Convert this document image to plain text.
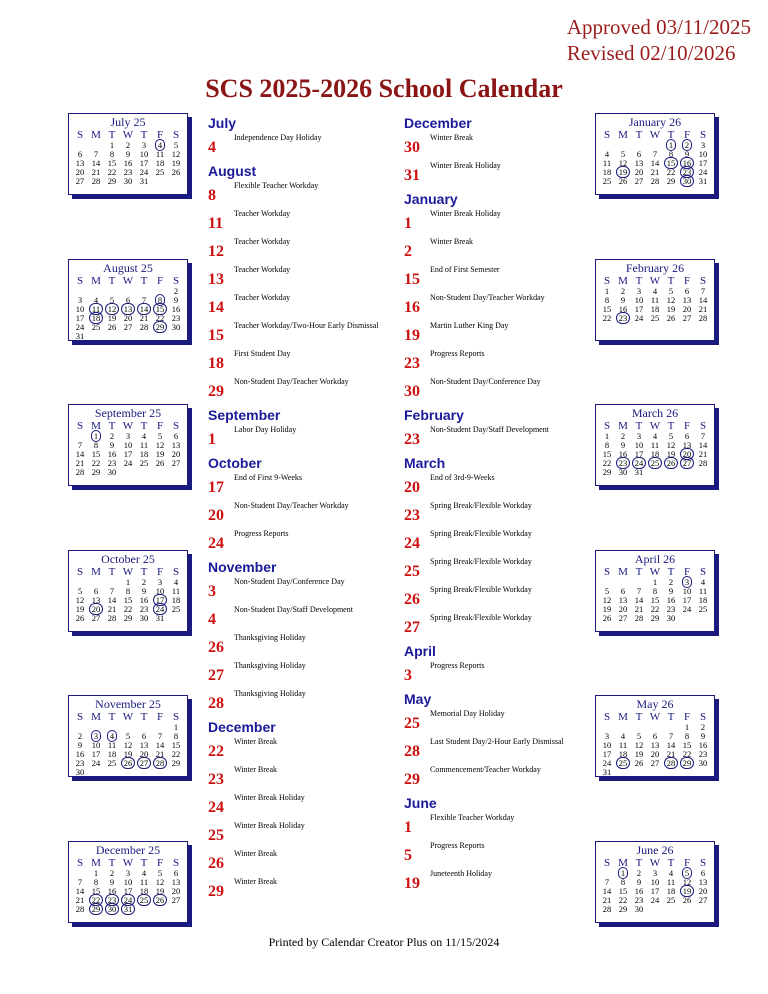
Approved 03/11/2025
Revised 02/10/2026
SCS 2025-2026 School Calendar
July 25
S	M	T	W	T	F	S
		1	2	3	4	5
6	7	8	9	10	11	12
13	14	15	16	17	18	19
20	21	22	23	24	25	26
27	28	29	30	31		
August 25
S	M	T	W	T	F	S
						2
3	4	5	6	7	8	9
10	11	12	13	14	15	16
17	18	19	20	21	22	23
24	25	26	27	28	29	30
31						
September 25
S	M	T	W	T	F	S
	1	2	3	4	5	6
7	8	9	10	11	12	13
14	15	16	17	18	19	20
21	22	23	24	25	26	27
28	29	30				
October 25
S	M	T	W	T	F	S
			1	2	3	4
5	6	7	8	9	10	11
12	13	14	15	16	17	18
19	20	21	22	23	24	25
26	27	28	29	30	31	
November 25
S	M	T	W	T	F	S
						1
2	3	4	5	6	7	8
9	10	11	12	13	14	15
16	17	18	19	20	21	22
23	24	25	26	27	28	29
30						
December 25
S	M	T	W	T	F	S
	1	2	3	4	5	6
7	8	9	10	11	12	13
14	15	16	17	18	19	20
21	22	23	24	25	26	27
28	29	30	31			
January 26
S	M	T	W	T	F	S
				1	2	3
4	5	6	7	8	9	10
11	12	13	14	15	16	17
18	19	20	21	22	23	24
25	26	27	28	29	30	31
February 26
S	M	T	W	T	F	S
1	2	3	4	5	6	7
8	9	10	11	12	13	14
15	16	17	18	19	20	21
22	23	24	25	26	27	28
March 26
S	M	T	W	T	F	S
1	2	3	4	5	6	7
8	9	10	11	12	13	14
15	16	17	18	19	20	21
22	23	24	25	26	27	28
29	30	31				
April 26
S	M	T	W	T	F	S
			1	2	3	4
5	6	7	8	9	10	11
12	13	14	15	16	17	18
19	20	21	22	23	24	25
26	27	28	29	30		
May 26
S	M	T	W	T	F	S
					1	2
3	4	5	6	7	8	9
10	11	12	13	14	15	16
17	18	19	20	21	22	23
24	25	26	27	28	29	30
31						
June 26
S	M	T	W	T	F	S
	1	2	3	4	5	6
7	8	9	10	11	12	13
14	15	16	17	18	19	20
21	22	23	24	25	26	27
28	29	30				
July
4
Independence Day Holiday
August
8
Flexible Teacher Workday
11
Teacher Workday
12
Teacher Workday
13
Teacher Workday
14
Teacher Workday
15
Teacher Workday/Two-Hour Early Dismissal
18
First Student Day
29
Non-Student Day/Teacher Workday
September
1
Labor Day Holiday
October
17
End of First 9-Weeks
20
Non-Student Day/Teacher Workday
24
Progress Reports
November
3
Non-Student Day/Conference Day
4
Non-Student Day/Staff Development
26
Thanksgiving Holiday
27
Thanksgiving Holiday
28
Thanksgiving Holiday
December
22
Winter Break
23
Winter Break
24
Winter Break Holiday
25
Winter Break Holiday
26
Winter Break
29
Winter Break
December
30
Winter Break
31
Winter Break Holiday
January
1
Winter Break Holiday
2
Winter Break
15
End of First Semester
16
Non-Student Day/Teacher Workday
19
Martin Luther King Day
23
Progress Reports
30
Non-Student Day/Conference Day
February
23
Non-Student Day/Staff Development
March
20
End of 3rd-9-Weeks
23
Spring Break/Flexible Workday
24
Spring Break/Flexible Workday
25
Spring Break/Flexible Workday
26
Spring Break/Flexible Workday
27
Spring Break/Flexible Workday
April
3
Progress Reports
May
25
Memorial Day Holiday
28
Last Student Day/2-Hour Early Dismissal
29
Commencement/Teacher Workday
June
1
Flexible Teacher Workday
5
Progress Reports
19
Juneteenth Holiday
Printed by Calendar Creator Plus on 11/15/2024
